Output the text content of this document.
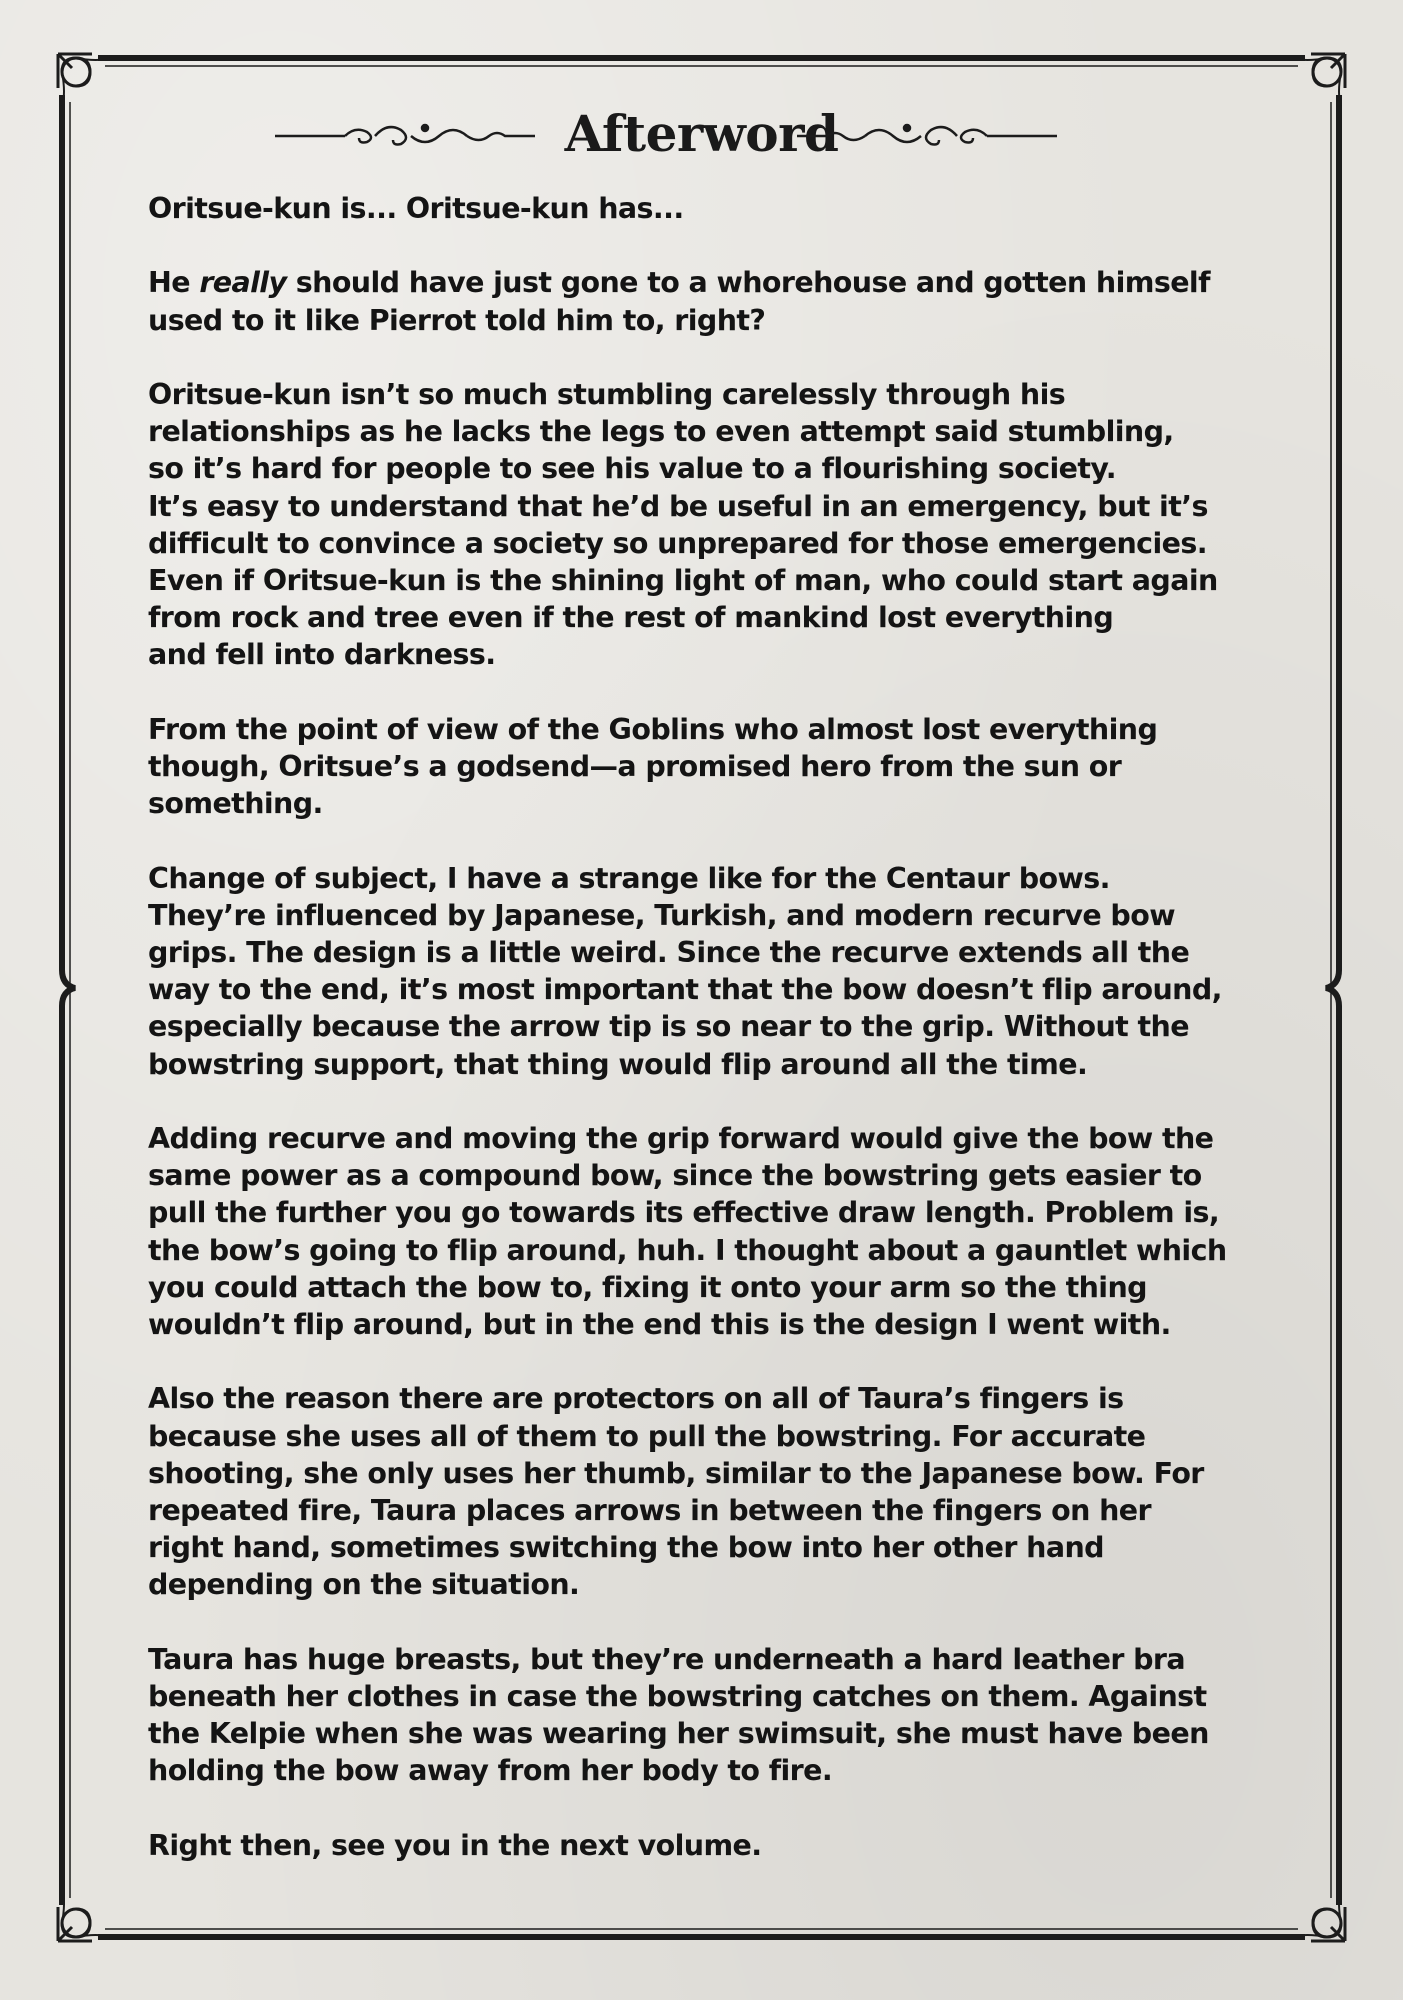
Afterword

Oritsue-kun is... Oritsue-kun has...

He really should have just gone to a whorehouse and gotten himself
used to it like Pierrot told him to, right?

Oritsue-kun isn’t so much stumbling carelessly through his
relationships as he lacks the legs to even attempt said stumbling,
so it’s hard for people to see his value to a flourishing society.
It’s easy to understand that he’d be useful in an emergency, but it’s
difficult to convince a society so unprepared for those emergencies.
Even if Oritsue-kun is the shining light of man, who could start again
from rock and tree even if the rest of mankind lost everything
and fell into darkness.

From the point of view of the Goblins who almost lost everything
though, Oritsue’s a godsend—a promised hero from the sun or
something.

Change of subject, I have a strange like for the Centaur bows.
They’re influenced by Japanese, Turkish, and modern recurve bow
grips. The design is a little weird. Since the recurve extends all the
way to the end, it’s most important that the bow doesn’t flip around,
especially because the arrow tip is so near to the grip. Without the
bowstring support, that thing would flip around all the time.

Adding recurve and moving the grip forward would give the bow the
same power as a compound bow, since the bowstring gets easier to
pull the further you go towards its effective draw length. Problem is,
the bow’s going to flip around, huh. I thought about a gauntlet which
you could attach the bow to, fixing it onto your arm so the thing
wouldn’t flip around, but in the end this is the design I went with.

Also the reason there are protectors on all of Taura’s fingers is
because she uses all of them to pull the bowstring. For accurate
shooting, she only uses her thumb, similar to the Japanese bow. For
repeated fire, Taura places arrows in between the fingers on her
right hand, sometimes switching the bow into her other hand
depending on the situation.

Taura has huge breasts, but they’re underneath a hard leather bra
beneath her clothes in case the bowstring catches on them. Against
the Kelpie when she was wearing her swimsuit, she must have been
holding the bow away from her body to fire.

Right then, see you in the next volume.
